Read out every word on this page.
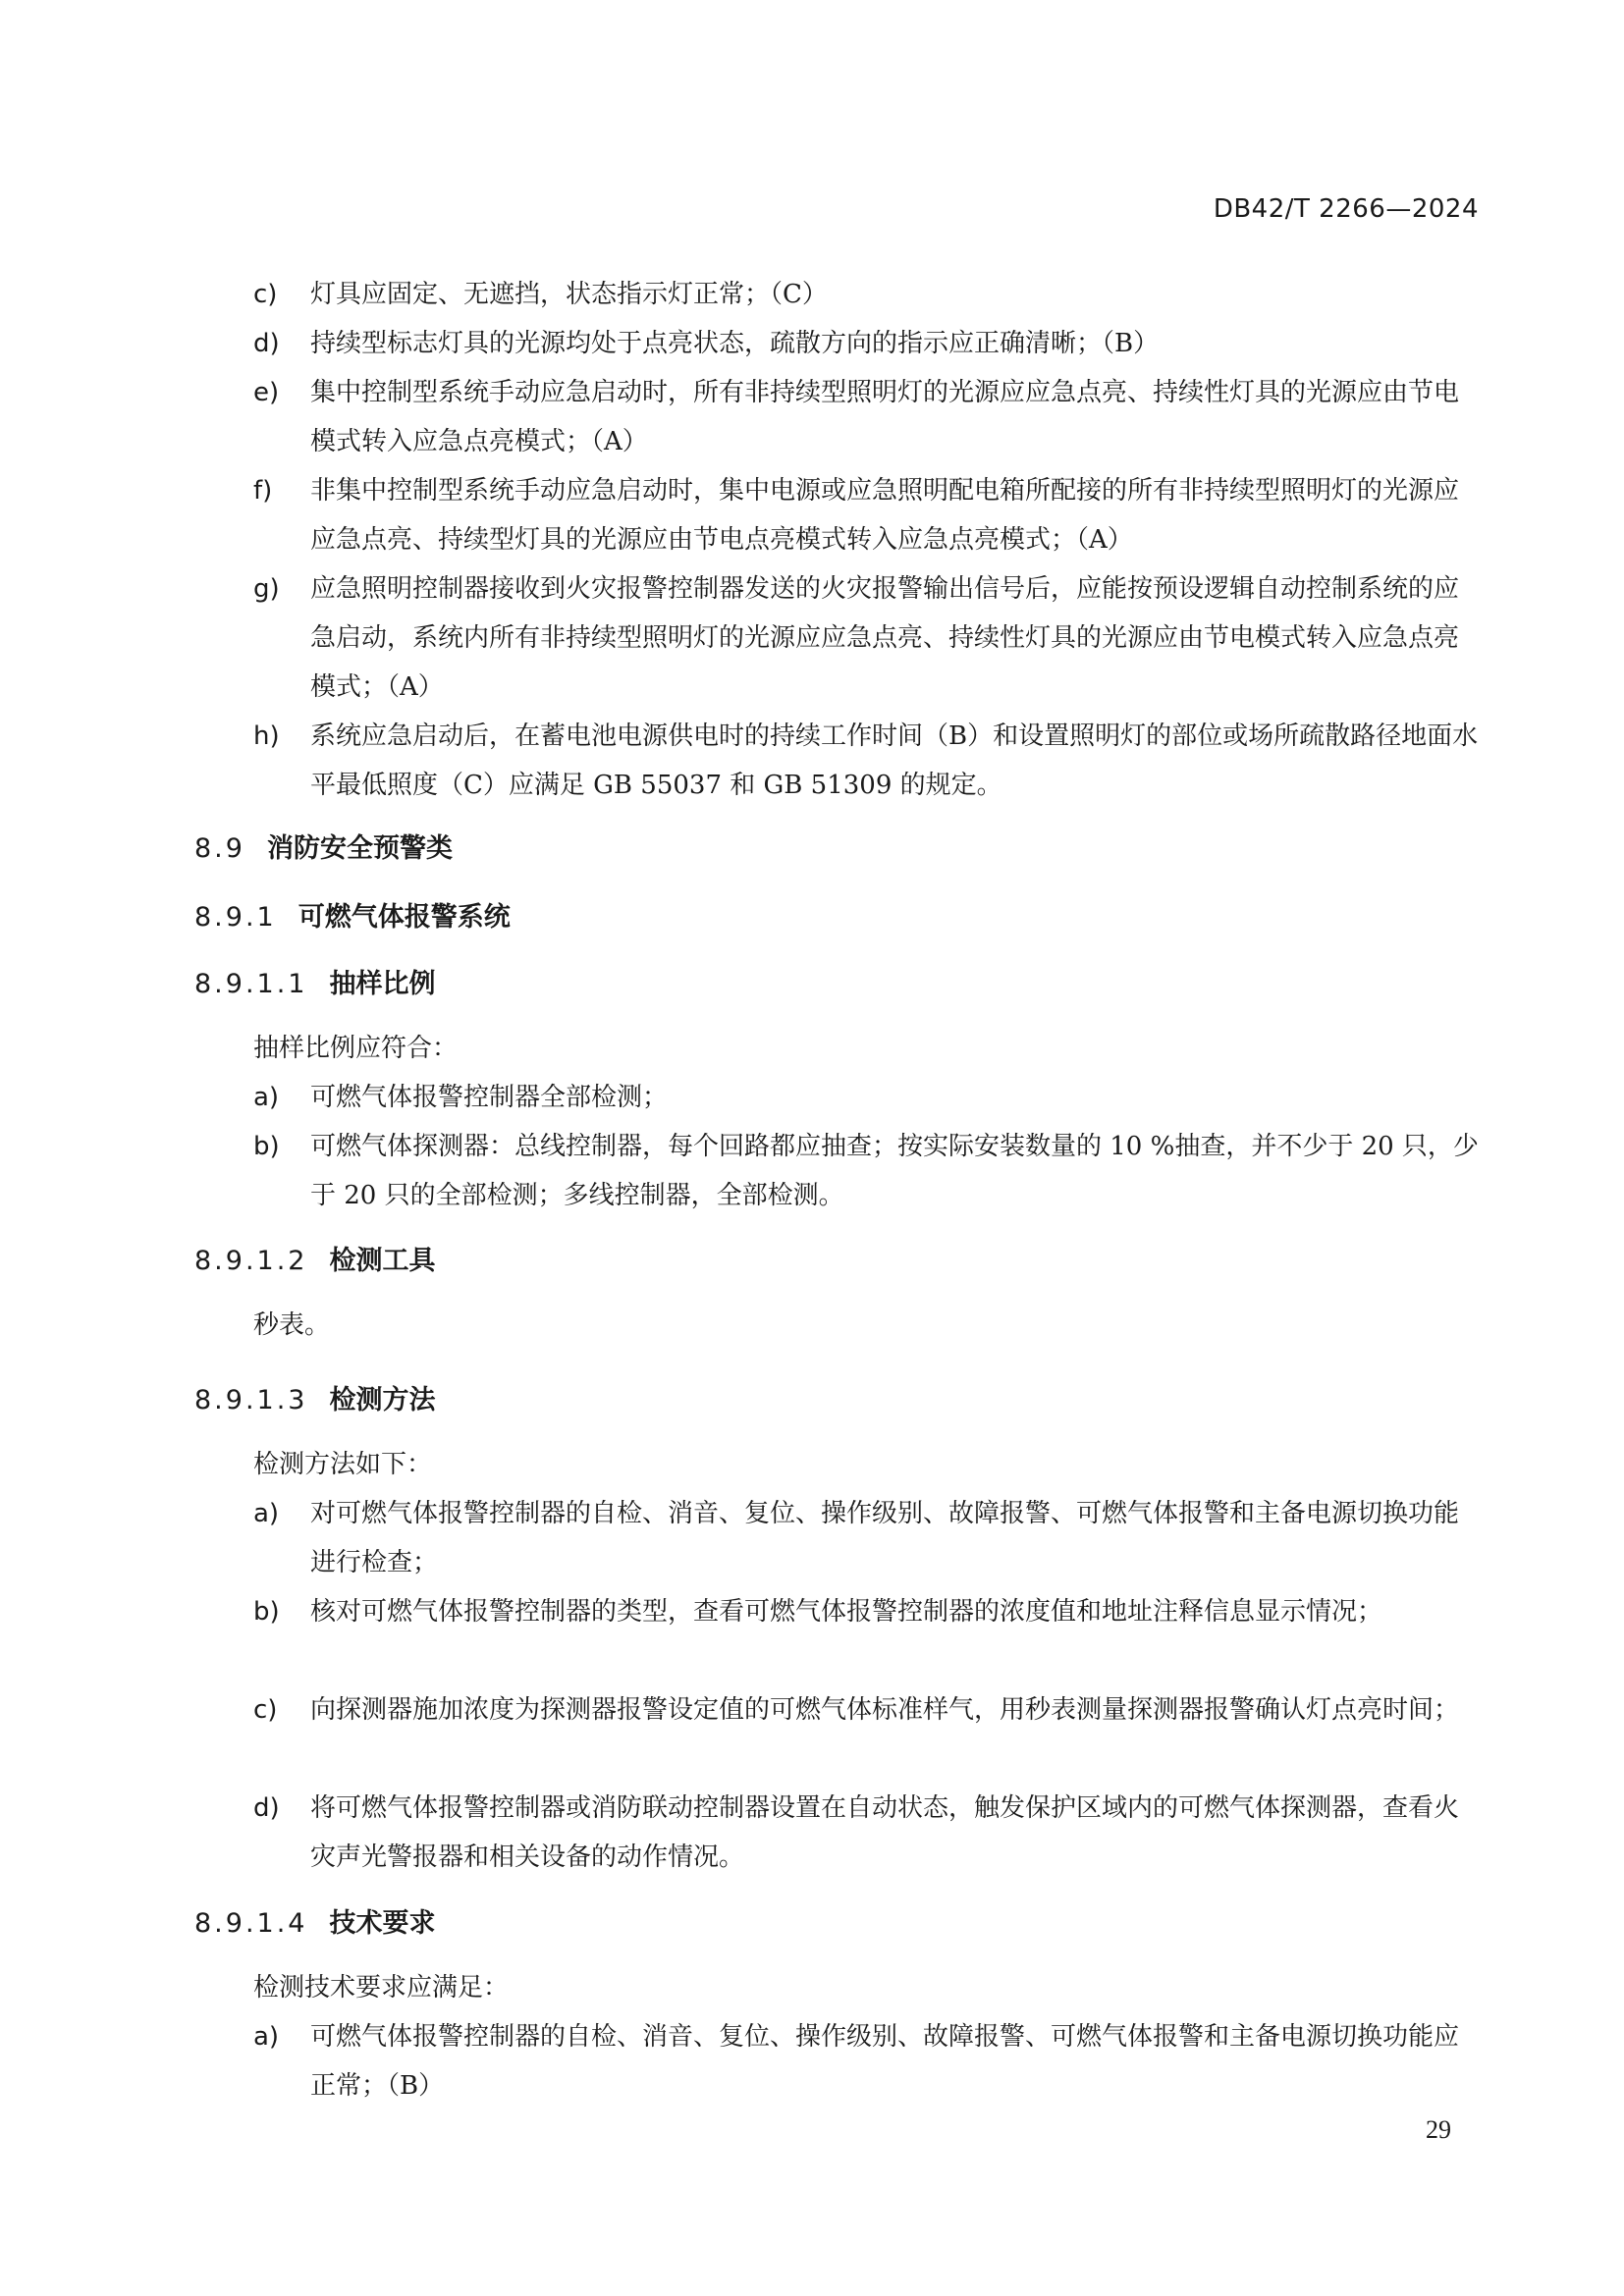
DB42/T 2266—2024
c)	灯具应固定、无遮挡，状态指示灯正常；（C）
d)	持续型标志灯具的光源均处于点亮状态，疏散方向的指示应正确清晰；（B）
e)	集中控制型系统手动应急启动时，所有非持续型照明灯的光源应应急点亮、持续性灯具的光源应由节电模式转入应急点亮模式；（A）
f)	非集中控制型系统手动应急启动时，集中电源或应急照明配电箱所配接的所有非持续型照明灯的光源应应急点亮、持续型灯具的光源应由节电点亮模式转入应急点亮模式；（A）
g)	应急照明控制器接收到火灾报警控制器发送的火灾报警输出信号后，应能按预设逻辑自动控制系统的应急启动，系统内所有非持续型照明灯的光源应应急点亮、持续性灯具的光源应由节电模式转入应急点亮模式；（A）
h)	系统应急启动后，在蓄电池电源供电时的持续工作时间（B）和设置照明灯的部位或场所疏散路径地面水平最低照度（C）应满足 GB 55037 和 GB 51309 的规定。
8.9 消防安全预警类
8.9.1 可燃气体报警系统
8.9.1.1 抽样比例
抽样比例应符合：
a)	可燃气体报警控制器全部检测；
b)	可燃气体探测器：总线控制器，每个回路都应抽查；按实际安装数量的 10 %抽查，并不少于 20 只，少于 20 只的全部检测；多线控制器，全部检测。
8.9.1.2 检测工具
秒表。
8.9.1.3 检测方法
检测方法如下：
a)	对可燃气体报警控制器的自检、消音、复位、操作级别、故障报警、可燃气体报警和主备电源切换功能进行检查；
b)	核对可燃气体报警控制器的类型，查看可燃气体报警控制器的浓度值和地址注释信息显示情况；
c)	向探测器施加浓度为探测器报警设定值的可燃气体标准样气，用秒表测量探测器报警确认灯点亮时间；
d)	将可燃气体报警控制器或消防联动控制器设置在自动状态，触发保护区域内的可燃气体探测器，查看火灾声光警报器和相关设备的动作情况。
8.9.1.4 技术要求
检测技术要求应满足：
a)	可燃气体报警控制器的自检、消音、复位、操作级别、故障报警、可燃气体报警和主备电源切换功能应正常；（B）
29
